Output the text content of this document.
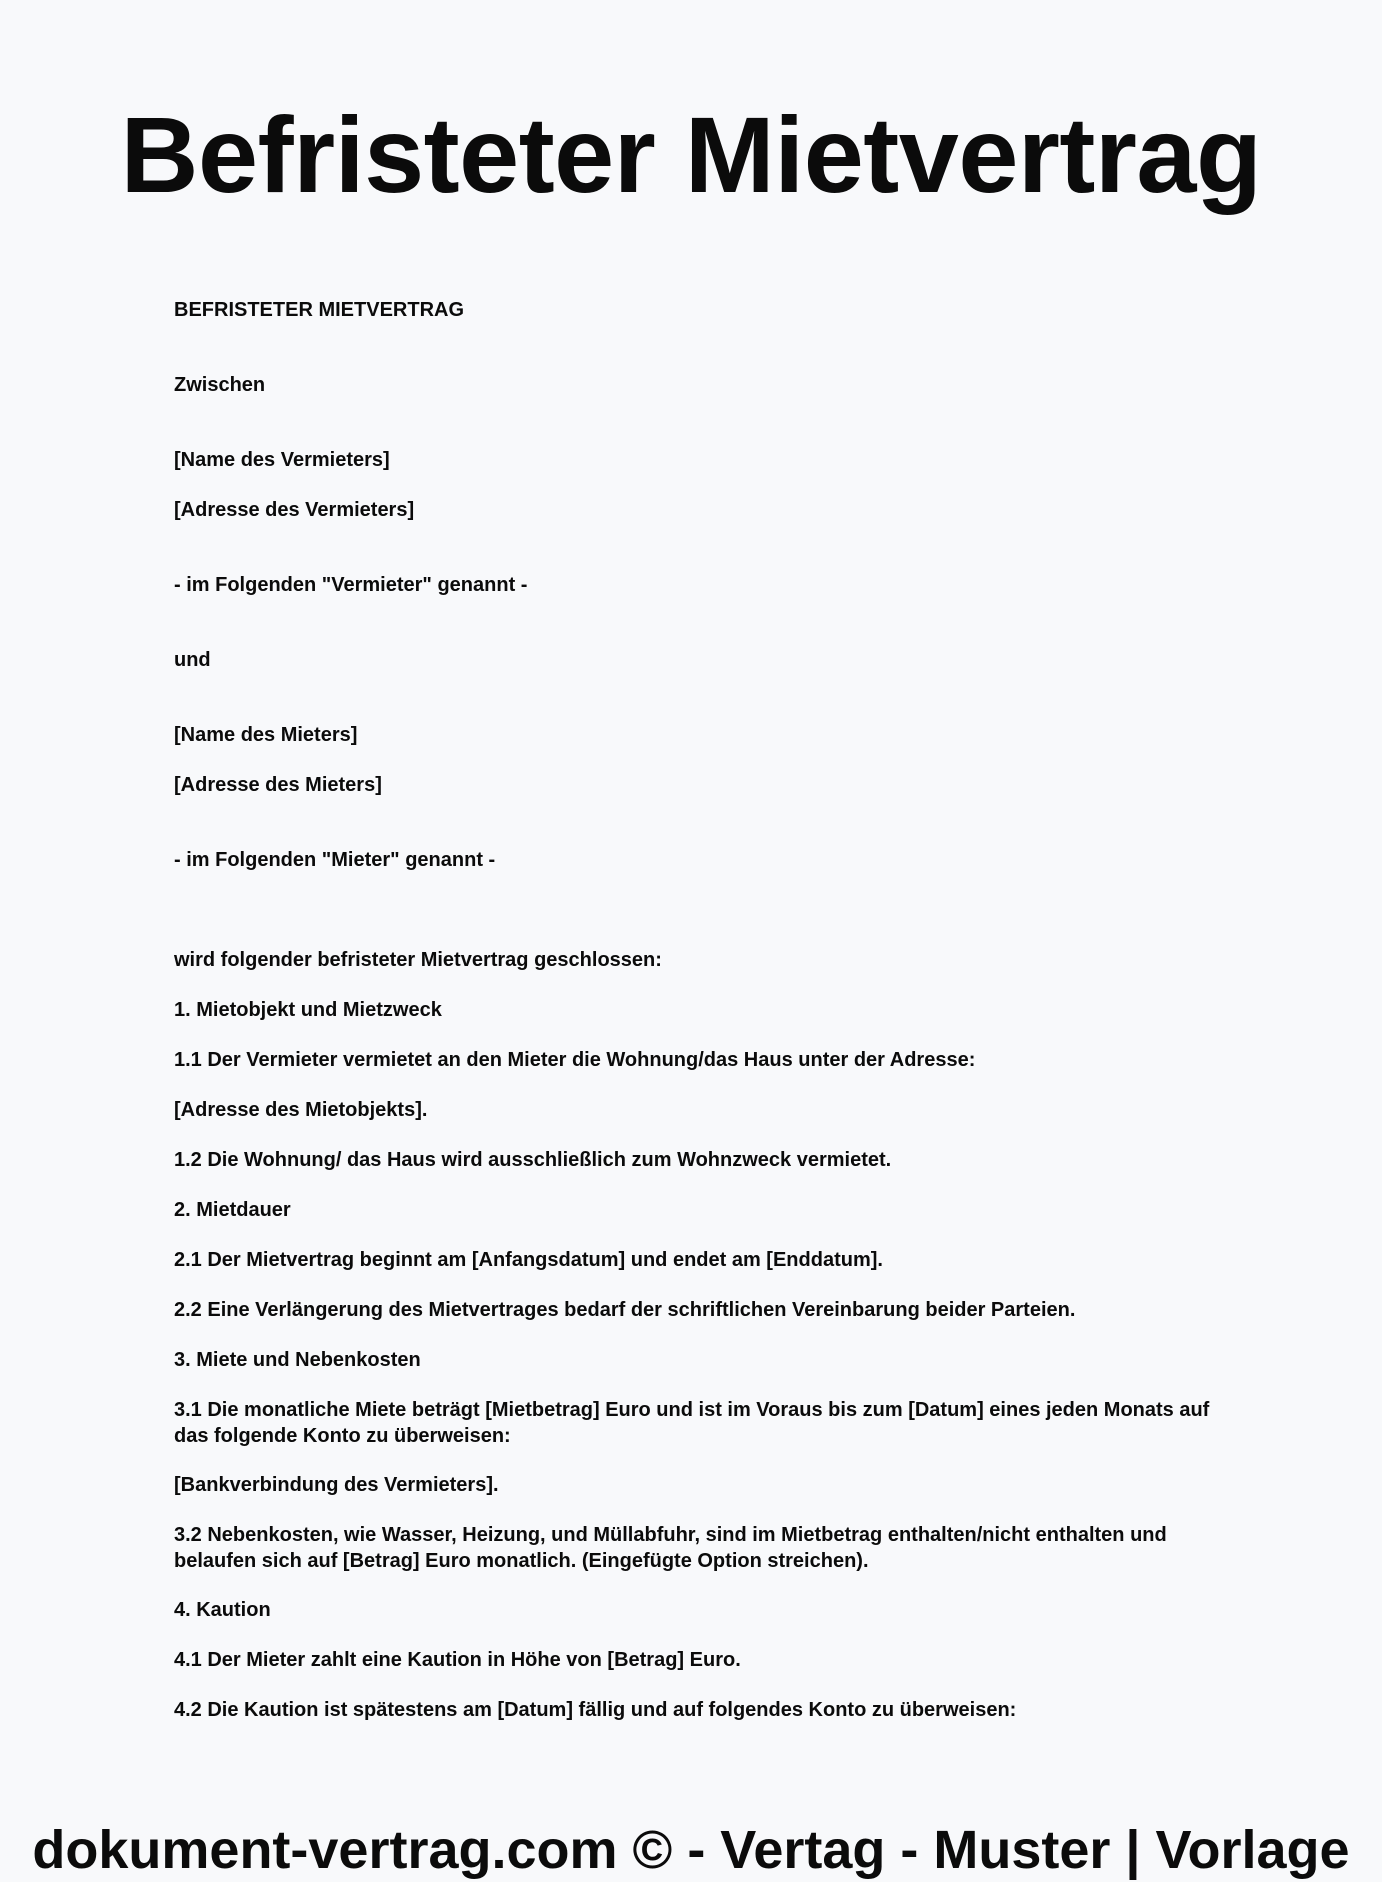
Befristeter Mietvertrag

BEFRISTETER MIETVERTRAG

Zwischen

[Name des Vermieters]

[Adresse des Vermieters]

- im Folgenden "Vermieter" genannt -

und

[Name des Mieters]

[Adresse des Mieters]

- im Folgenden "Mieter" genannt -

wird folgender befristeter Mietvertrag geschlossen:

1. Mietobjekt und Mietzweck

1.1 Der Vermieter vermietet an den Mieter die Wohnung/das Haus unter der Adresse:

[Adresse des Mietobjekts].

1.2 Die Wohnung/ das Haus wird ausschließlich zum Wohnzweck vermietet.

2. Mietdauer

2.1 Der Mietvertrag beginnt am [Anfangsdatum] und endet am [Enddatum].

2.2 Eine Verlängerung des Mietvertrages bedarf der schriftlichen Vereinbarung beider Parteien.

3. Miete und Nebenkosten

3.1 Die monatliche Miete beträgt [Mietbetrag] Euro und ist im Voraus bis zum [Datum] eines jeden Monats auf das folgende Konto zu überweisen:

[Bankverbindung des Vermieters].

3.2 Nebenkosten, wie Wasser, Heizung, und Müllabfuhr, sind im Mietbetrag enthalten/nicht enthalten und belaufen sich auf [Betrag] Euro monatlich. (Eingefügte Option streichen).

4. Kaution

4.1 Der Mieter zahlt eine Kaution in Höhe von [Betrag] Euro.

4.2 Die Kaution ist spätestens am [Datum] fällig und auf folgendes Konto zu überweisen:

dokument-vertrag.com © - Vertag - Muster | Vorlage
